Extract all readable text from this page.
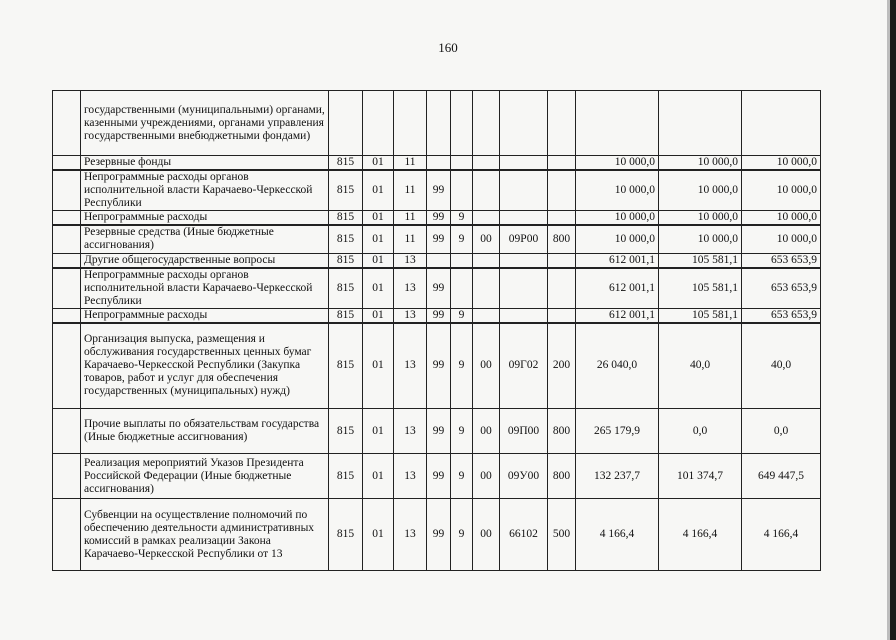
160
	государственными (муниципальными) органами, казенными учреждениями, органами управления государственными внебюджетными фондами)											
	Резервные фонды	815	01	11						10 000,0	10 000,0	10 000,0
	Непрограммные расходы органов исполнительной власти Карачаево-Черкесской Республики	815	01	11	99					10 000,0	10 000,0	10 000,0
	Непрограммные расходы	815	01	11	99	9				10 000,0	10 000,0	10 000,0
	Резервные средства (Иные бюджетные ассигнования)	815	01	11	99	9	00	09Р00	800	10 000,0	10 000,0	10 000,0
	Другие общегосударственные вопросы	815	01	13						612 001,1	105 581,1	653 653,9
	Непрограммные расходы органов исполнительной власти Карачаево-Черкесской Республики	815	01	13	99					612 001,1	105 581,1	653 653,9
	Непрограммные расходы	815	01	13	99	9				612 001,1	105 581,1	653 653,9
	Организация выпуска, размещения и обслуживания государственных ценных бумаг Карачаево-Черкесской Республики (Закупка товаров, работ и услуг для обеспечения государственных (муниципальных) нужд)	815	01	13	99	9	00	09Г02	200	26 040,0	40,0	40,0
	Прочие выплаты по обязательствам государства (Иные бюджетные ассигнования)	815	01	13	99	9	00	09П00	800	265 179,9	0,0	0,0
	Реализация мероприятий Указов Президента Российской Федерации (Иные бюджетные ассигнования)	815	01	13	99	9	00	09У00	800	132 237,7	101 374,7	649 447,5
	Субвенции на осуществление полномочий по обеспечению деятельности административных комиссий в рамках реализации Закона Карачаево-Черкесской Республики от 13	815	01	13	99	9	00	66102	500	4 166,4	4 166,4	4 166,4
